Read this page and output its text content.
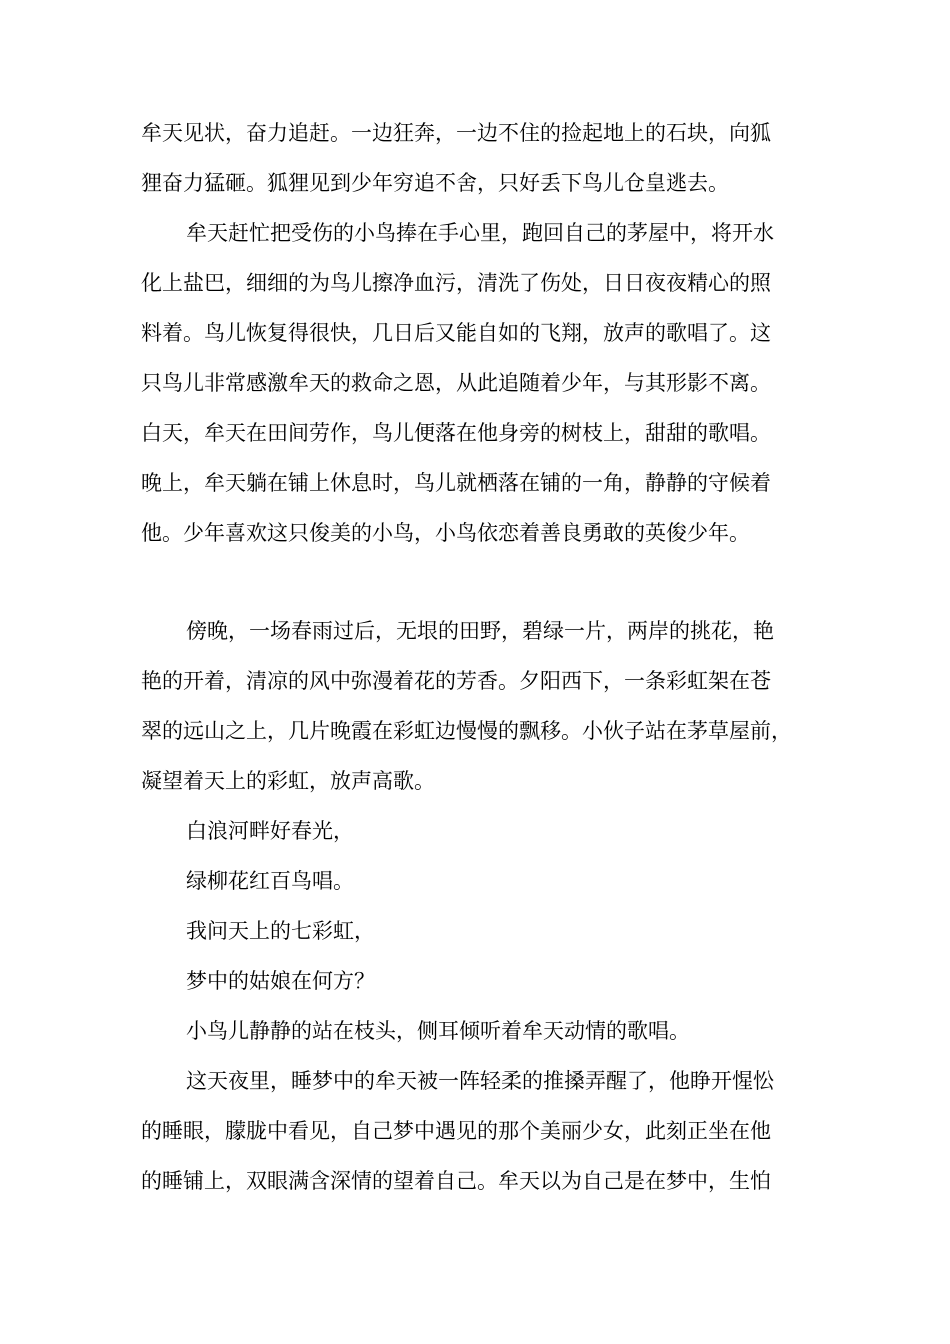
牟天见状，奋力追赶。一边狂奔，一边不住的捡起地上的石块，向狐
狸奋力猛砸。狐狸见到少年穷追不舍，只好丢下鸟儿仓皇逃去。
牟天赶忙把受伤的小鸟捧在手心里，跑回自己的茅屋中，将开水
化上盐巴，细细的为鸟儿擦净血污，清洗了伤处，日日夜夜精心的照
料着。鸟儿恢复得很快，几日后又能自如的飞翔，放声的歌唱了。这
只鸟儿非常感激牟天的救命之恩，从此追随着少年，与其形影不离。
白天，牟天在田间劳作，鸟儿便落在他身旁的树枝上，甜甜的歌唱。
晚上，牟天躺在铺上休息时，鸟儿就栖落在铺的一角，静静的守候着
他。少年喜欢这只俊美的小鸟，小鸟依恋着善良勇敢的英俊少年。
傍晚，一场春雨过后，无垠的田野，碧绿一片，两岸的挑花，艳
艳的开着，清凉的风中弥漫着花的芳香。夕阳西下，一条彩虹架在苍
翠的远山之上，几片晚霞在彩虹边慢慢的飘移。小伙子站在茅草屋前，
凝望着天上的彩虹，放声高歌。
白浪河畔好春光，
绿柳花红百鸟唱。
我问天上的七彩虹，
梦中的姑娘在何方？
小鸟儿静静的站在枝头，侧耳倾听着牟天动情的歌唱。
这天夜里，睡梦中的牟天被一阵轻柔的推搡弄醒了，他睁开惺忪
的睡眼，朦胧中看见，自己梦中遇见的那个美丽少女，此刻正坐在他
的睡铺上，双眼满含深情的望着自己。牟天以为自己是在梦中，生怕
